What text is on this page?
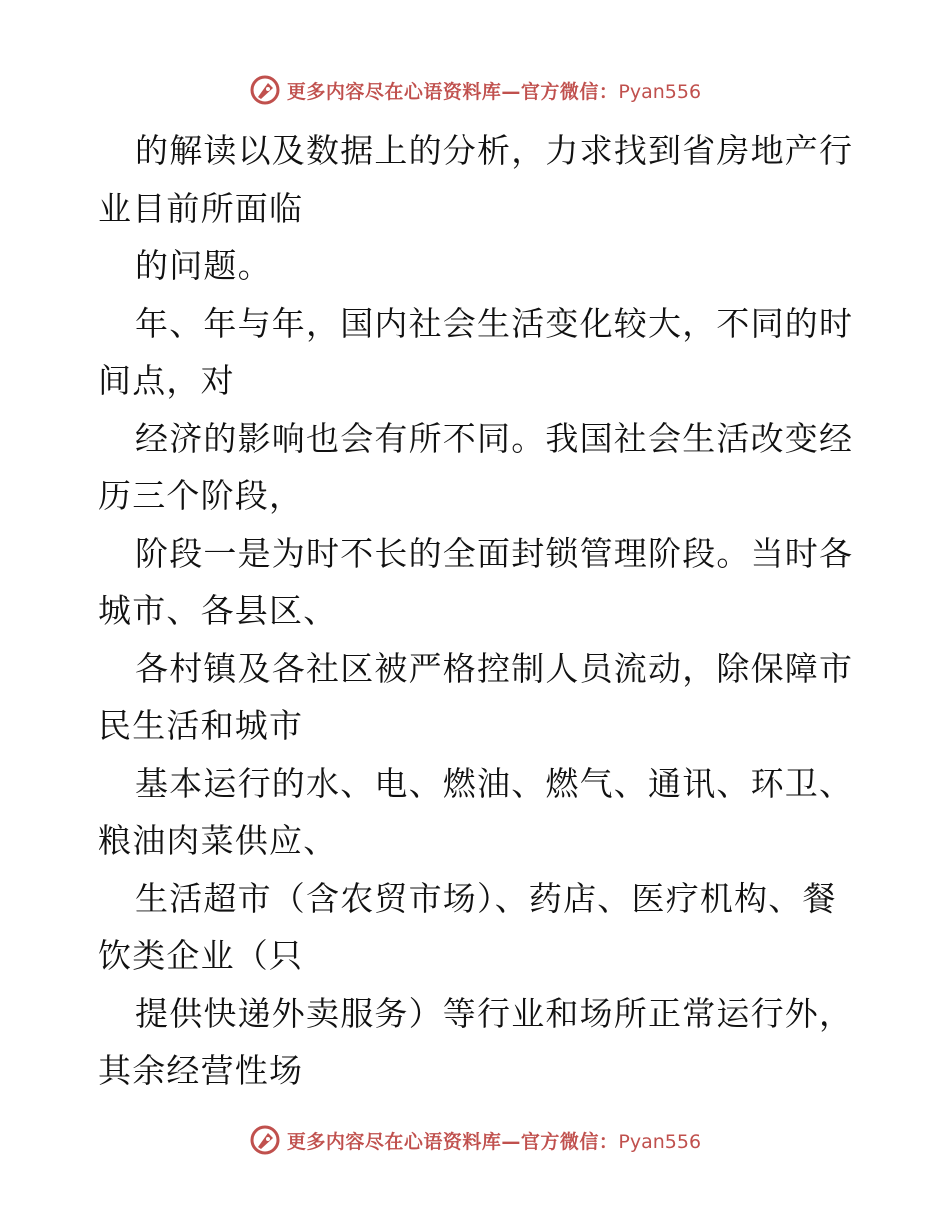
更多内容尽在心语资料库—官方微信：Pyan556

的解读以及数据上的分析，力求找到省房地产行业目前所面临

的问题。

年、年与年，国内社会生活变化较大，不同的时间点，对

经济的影响也会有所不同。我国社会生活改变经历三个阶段，

阶段一是为时不长的全面封锁管理阶段。当时各城市、各县区、

各村镇及各社区被严格控制人员流动，除保障市民生活和城市

基本运行的水、电、燃油、燃气、通讯、环卫、粮油肉菜供应、

生活超市（含农贸市场）、药店、医疗机构、餐饮类企业（只

提供快递外卖服务）等行业和场所正常运行外，其余经营性场

更多内容尽在心语资料库—官方微信：Pyan556
